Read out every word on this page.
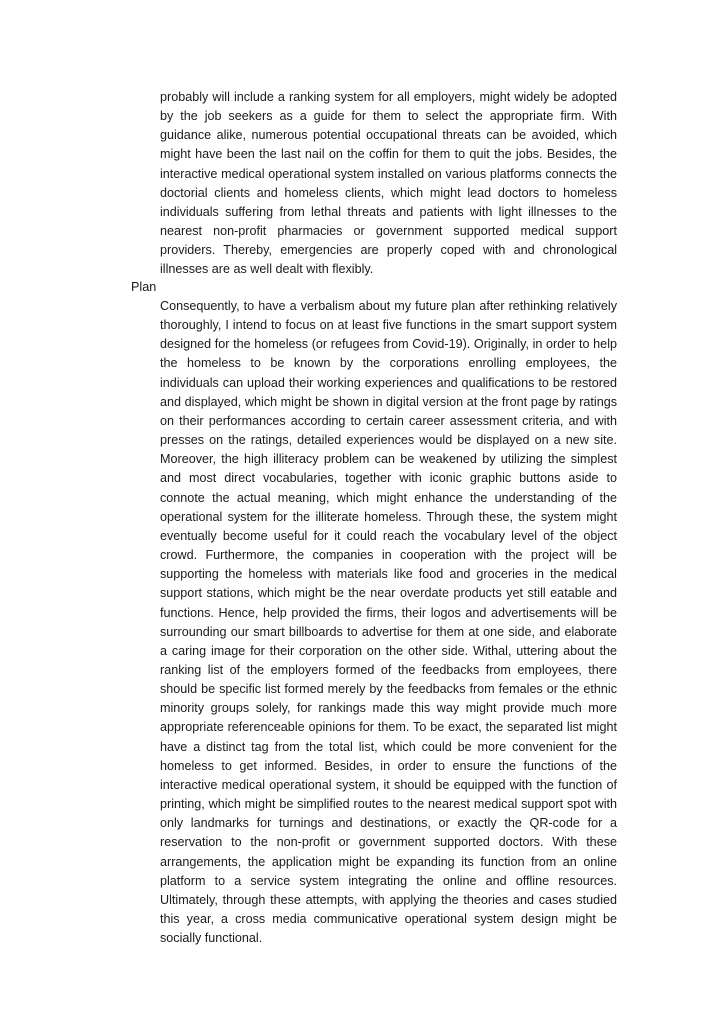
probably will include a ranking system for all employers, might widely be adopted by the job seekers as a guide for them to select the appropriate firm. With guidance alike, numerous potential occupational threats can be avoided, which might have been the last nail on the coffin for them to quit the jobs. Besides, the interactive medical operational system installed on various platforms connects the doctorial clients and homeless clients, which might lead doctors to homeless individuals suffering from lethal threats and patients with light illnesses to the nearest non-profit pharmacies or government supported medical support providers. Thereby, emergencies are properly coped with and chronological illnesses are as well dealt with flexibly.

Plan

Consequently, to have a verbalism about my future plan after rethinking relatively thoroughly, I intend to focus on at least five functions in the smart support system designed for the homeless (or refugees from Covid-19). Originally, in order to help the homeless to be known by the corporations enrolling employees, the individuals can upload their working experiences and qualifications to be restored and displayed, which might be shown in digital version at the front page by ratings on their performances according to certain career assessment criteria, and with presses on the ratings, detailed experiences would be displayed on a new site. Moreover, the high illiteracy problem can be weakened by utilizing the simplest and most direct vocabularies, together with iconic graphic buttons aside to connote the actual meaning, which might enhance the understanding of the operational system for the illiterate homeless. Through these, the system might eventually become useful for it could reach the vocabulary level of the object crowd. Furthermore, the companies in cooperation with the project will be supporting the homeless with materials like food and groceries in the medical support stations, which might be the near overdate products yet still eatable and functions. Hence, help provided the firms, their logos and advertisements will be surrounding our smart billboards to advertise for them at one side, and elaborate a caring image for their corporation on the other side. Withal, uttering about the ranking list of the employers formed of the feedbacks from employees, there should be specific list formed merely by the feedbacks from females or the ethnic minority groups solely, for rankings made this way might provide much more appropriate referenceable opinions for them. To be exact, the separated list might have a distinct tag from the total list, which could be more convenient for the homeless to get informed. Besides, in order to ensure the functions of the interactive medical operational system, it should be equipped with the function of printing, which might be simplified routes to the nearest medical support spot with only landmarks for turnings and destinations, or exactly the QR-code for a reservation to the non-profit or government supported doctors. With these arrangements, the application might be expanding its function from an online platform to a service system integrating the online and offline resources. Ultimately, through these attempts, with applying the theories and cases studied this year, a cross media communicative operational system design might be socially functional.
